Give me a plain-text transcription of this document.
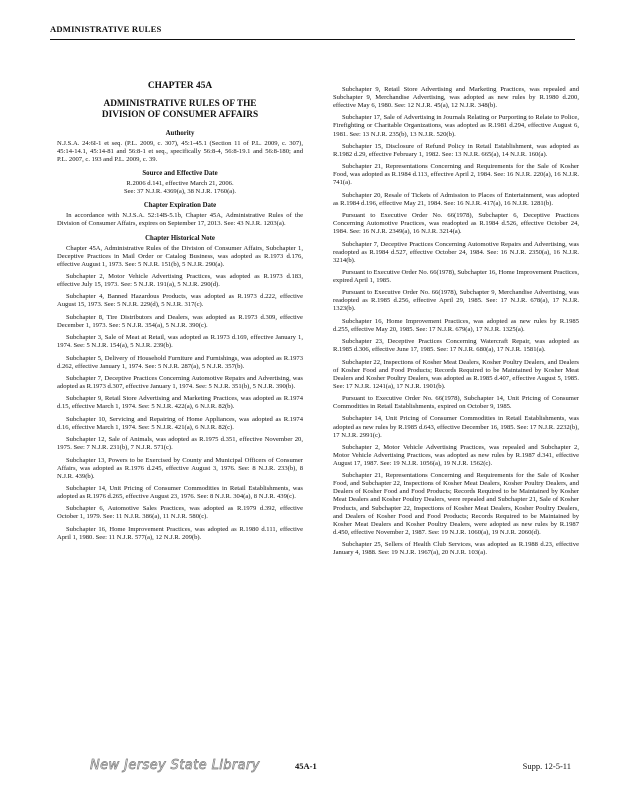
ADMINISTRATIVE RULES
CHAPTER 45A
ADMINISTRATIVE RULES OF THE
DIVISION OF CONSUMER AFFAIRS
Authority

N.J.S.A. 24:6I-1 et seq. (P.L. 2009, c. 307), 45:1-45.1 (Section 11 of P.L. 2009, c. 307), 45:14-14.1, 45:14-81 and 56:8-1 et seq., specifically 56:8-4, 56:8-19.1 and 56:8-180; and P.L. 2007, c. 193 and P.L. 2009, c. 39.

Source and Effective Date

R.2006 d.141, effective March 21, 2006.

See: 37 N.J.R. 4369(a), 38 N.J.R. 1760(a).

Chapter Expiration Date

In accordance with N.J.S.A. 52:14B-5.1b, Chapter 45A, Administrative Rules of the Division of Consumer Affairs, expires on September 17, 2013. See: 43 N.J.R. 1203(a).

Chapter Historical Note

Chapter 45A, Administrative Rules of the Division of Consumer Affairs, Subchapter 1, Deceptive Practices in Mail Order or Catalog Business, was adopted as R.1973 d.176, effective August 1, 1973. See: 5 N.J.R. 151(b), 5 N.J.R. 290(a).

Subchapter 2, Motor Vehicle Advertising Practices, was adopted as R.1973 d.183, effective July 15, 1973. See: 5 N.J.R. 191(a), 5 N.J.R. 290(d).

Subchapter 4, Banned Hazardous Products, was adopted as R.1973 d.222, effective August 15, 1973. See: 5 N.J.R. 229(d), 5 N.J.R. 317(c).

Subchapter 8, Tire Distributors and Dealers, was adopted as R.1973 d.309, effective December 1, 1973. See: 5 N.J.R. 354(a), 5 N.J.R. 390(c).

Subchapter 3, Sale of Meat at Retail, was adopted as R.1973 d.169, effective January 1, 1974. See: 5 N.J.R. 154(a), 5 N.J.R. 239(b).

Subchapter 5, Delivery of Household Furniture and Furnishings, was adopted as R.1973 d.262, effective January 1, 1974. See: 5 N.J.R. 287(a), 5 N.J.R. 357(b).

Subchapter 7, Deceptive Practices Concerning Automotive Repairs and Advertising, was adopted as R.1973 d.307, effective January 1, 1974. See: 5 N.J.R. 351(b), 5 N.J.R. 390(b).

Subchapter 9, Retail Store Advertising and Marketing Practices, was adopted as R.1974 d.15, effective March 1, 1974. See: 5 N.J.R. 422(a), 6 N.J.R. 82(b).

Subchapter 10, Servicing and Repairing of Home Appliances, was adopted as R.1974 d.16, effective March 1, 1974. See: 5 N.J.R. 421(a), 6 N.J.R. 82(c).

Subchapter 12, Sale of Animals, was adopted as R.1975 d.351, effective November 20, 1975. See: 7 N.J.R. 231(b), 7 N.J.R. 571(c).

Subchapter 13, Powers to be Exercised by County and Municipal Officers of Consumer Affairs, was adopted as R.1976 d.245, effective August 3, 1976. See: 8 N.J.R. 233(b), 8 N.J.R. 439(b).

Subchapter 14, Unit Pricing of Consumer Commodities in Retail Establishments, was adopted as R.1976 d.265, effective August 23, 1976. See: 8 N.J.R. 304(a), 8 N.J.R. 439(c).

Subchapter 6, Automotive Sales Practices, was adopted as R.1979 d.392, effective October 1, 1979. See: 11 N.J.R. 386(a), 11 N.J.R. 580(c).

Subchapter 16, Home Improvement Practices, was adopted as R.1980 d.111, effective April 1, 1980. See: 11 N.J.R. 577(a), 12 N.J.R. 209(b).

Subchapter 9, Retail Store Advertising and Marketing Practices, was repealed and Subchapter 9, Merchandise Advertising, was adopted as new rules by R.1980 d.200, effective May 6, 1980. See: 12 N.J.R. 45(a), 12 N.J.R. 348(b).

Subchapter 17, Sale of Advertising in Journals Relating or Purporting to Relate to Police, Firefighting or Charitable Organizations, was adopted as R.1981 d.294, effective August 6, 1981. See: 13 N.J.R. 235(b), 13 N.J.R. 520(b).

Subchapter 15, Disclosure of Refund Policy in Retail Establishment, was adopted as R.1982 d.29, effective February 1, 1982. See: 13 N.J.R. 665(a), 14 N.J.R. 160(a).

Subchapter 21, Representations Concerning and Requirements for the Sale of Kosher Food, was adopted as R.1984 d.113, effective April 2, 1984. See: 16 N.J.R. 220(a), 16 N.J.R. 741(a).

Subchapter 20, Resale of Tickets of Admission to Places of Entertainment, was adopted as R.1984 d.196, effective May 21, 1984. See: 16 N.J.R. 417(a), 16 N.J.R. 1281(b).

Pursuant to Executive Order No. 66(1978), Subchapter 6, Deceptive Practices Concerning Automotive Practices, was readopted as R.1984 d.526, effective October 24, 1984. See: 16 N.J.R. 2349(a), 16 N.J.R. 3214(a).

Subchapter 7, Deceptive Practices Concerning Automotive Repairs and Advertising, was readopted as R.1984 d.527, effective October 24, 1984. See: 16 N.J.R. 2350(a), 16 N.J.R. 3214(b).

Pursuant to Executive Order No. 66(1978), Subchapter 16, Home Improvement Practices, expired April 1, 1985.

Pursuant to Executive Order No. 66(1978), Subchapter 9, Merchandise Advertising, was readopted as R.1985 d.256, effective April 29, 1985. See: 17 N.J.R. 678(a), 17 N.J.R. 1323(b).

Subchapter 16, Home Improvement Practices, was adopted as new rules by R.1985 d.255, effective May 20, 1985. See: 17 N.J.R. 679(a), 17 N.J.R. 1325(a).

Subchapter 23, Deceptive Practices Concerning Watercraft Repair, was adopted as R.1985 d.306, effective June 17, 1985. See: 17 N.J.R. 680(a), 17 N.J.R. 1581(a).

Subchapter 22, Inspections of Kosher Meat Dealers, Kosher Poultry Dealers, and Dealers of Kosher Food and Food Products; Records Required to be Maintained by Kosher Meat Dealers and Kosher Poultry Dealers, was adopted as R.1985 d.407, effective August 5, 1985. See: 17 N.J.R. 1241(a), 17 N.J.R. 1901(b).

Pursuant to Executive Order No. 66(1978), Subchapter 14, Unit Pricing of Consumer Commodities in Retail Establishments, expired on October 9, 1985.

Subchapter 14, Unit Pricing of Consumer Commodities in Retail Establishments, was adopted as new rules by R.1985 d.643, effective December 16, 1985. See: 17 N.J.R. 2232(b), 17 N.J.R. 2991(c).

Subchapter 2, Motor Vehicle Advertising Practices, was repealed and Subchapter 2, Motor Vehicle Advertising Practices, was adopted as new rules by R.1987 d.341, effective August 17, 1987. See: 19 N.J.R. 1056(a), 19 N.J.R. 1562(c).

Subchapter 21, Representations Concerning and Requirements for the Sale of Kosher Food, and Subchapter 22, Inspections of Kosher Meat Dealers, Kosher Poultry Dealers, and Dealers of Kosher Food and Food Products; Records Required to be Maintained by Kosher Meat Dealers and Kosher Poultry Dealers, were repealed and Subchapter 21, Sale of Kosher Products, and Subchapter 22, Inspections of Kosher Meat Dealers, Kosher Poultry Dealers, and Dealers of Kosher Food and Food Products; Records Required to be Maintained by Kosher Meat Dealers and Kosher Poultry Dealers, were adopted as new rules by R.1987 d.450, effective November 2, 1987. See: 19 N.J.R. 1060(a), 19 N.J.R. 2060(d).

Subchapter 25, Sellers of Health Club Services, was adopted as R.1988 d.23, effective January 4, 1988. See: 19 N.J.R. 1967(a), 20 N.J.R. 103(a).

New Jersey State Library	45A-1	Supp. 12-5-11
